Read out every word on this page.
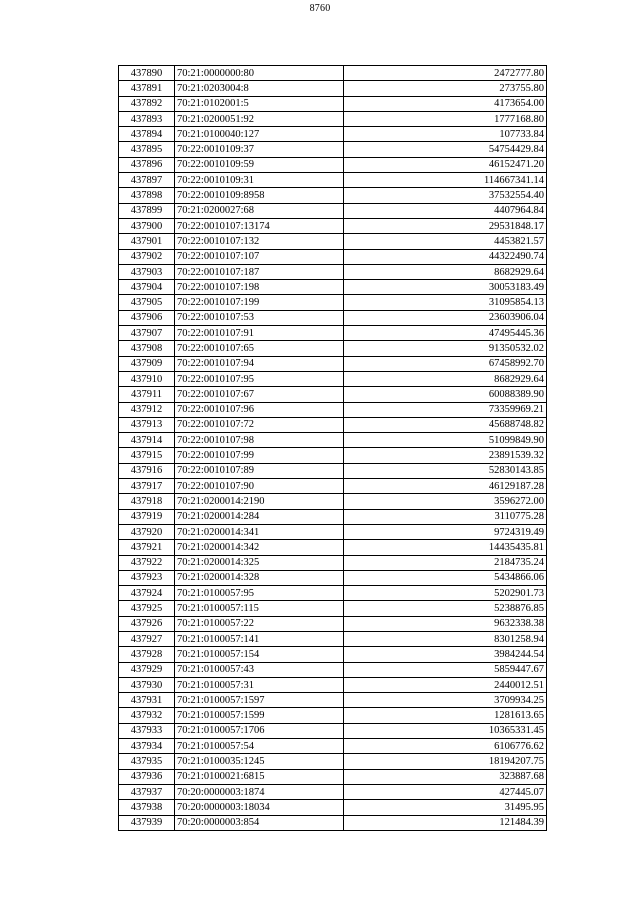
8760
437890	70:21:0000000:80	2472777.80
437891	70:21:0203004:8	273755.80
437892	70:21:0102001:5	4173654.00
437893	70:21:0200051:92	1777168.80
437894	70:21:0100040:127	107733.84
437895	70:22:0010109:37	54754429.84
437896	70:22:0010109:59	46152471.20
437897	70:22:0010109:31	114667341.14
437898	70:22:0010109:8958	37532554.40
437899	70:21:0200027:68	4407964.84
437900	70:22:0010107:13174	29531848.17
437901	70:22:0010107:132	4453821.57
437902	70:22:0010107:107	44322490.74
437903	70:22:0010107:187	8682929.64
437904	70:22:0010107:198	30053183.49
437905	70:22:0010107:199	31095854.13
437906	70:22:0010107:53	23603906.04
437907	70:22:0010107:91	47495445.36
437908	70:22:0010107:65	91350532.02
437909	70:22:0010107:94	67458992.70
437910	70:22:0010107:95	8682929.64
437911	70:22:0010107:67	60088389.90
437912	70:22:0010107:96	73359969.21
437913	70:22:0010107:72	45688748.82
437914	70:22:0010107:98	51099849.90
437915	70:22:0010107:99	23891539.32
437916	70:22:0010107:89	52830143.85
437917	70:22:0010107:90	46129187.28
437918	70:21:0200014:2190	3596272.00
437919	70:21:0200014:284	3110775.28
437920	70:21:0200014:341	9724319.49
437921	70:21:0200014:342	14435435.81
437922	70:21:0200014:325	2184735.24
437923	70:21:0200014:328	5434866.06
437924	70:21:0100057:95	5202901.73
437925	70:21:0100057:115	5238876.85
437926	70:21:0100057:22	9632338.38
437927	70:21:0100057:141	8301258.94
437928	70:21:0100057:154	3984244.54
437929	70:21:0100057:43	5859447.67
437930	70:21:0100057:31	2440012.51
437931	70:21:0100057:1597	3709934.25
437932	70:21:0100057:1599	1281613.65
437933	70:21:0100057:1706	10365331.45
437934	70:21:0100057:54	6106776.62
437935	70:21:0100035:1245	18194207.75
437936	70:21:0100021:6815	323887.68
437937	70:20:0000003:1874	427445.07
437938	70:20:0000003:18034	31495.95
437939	70:20:0000003:854	121484.39
